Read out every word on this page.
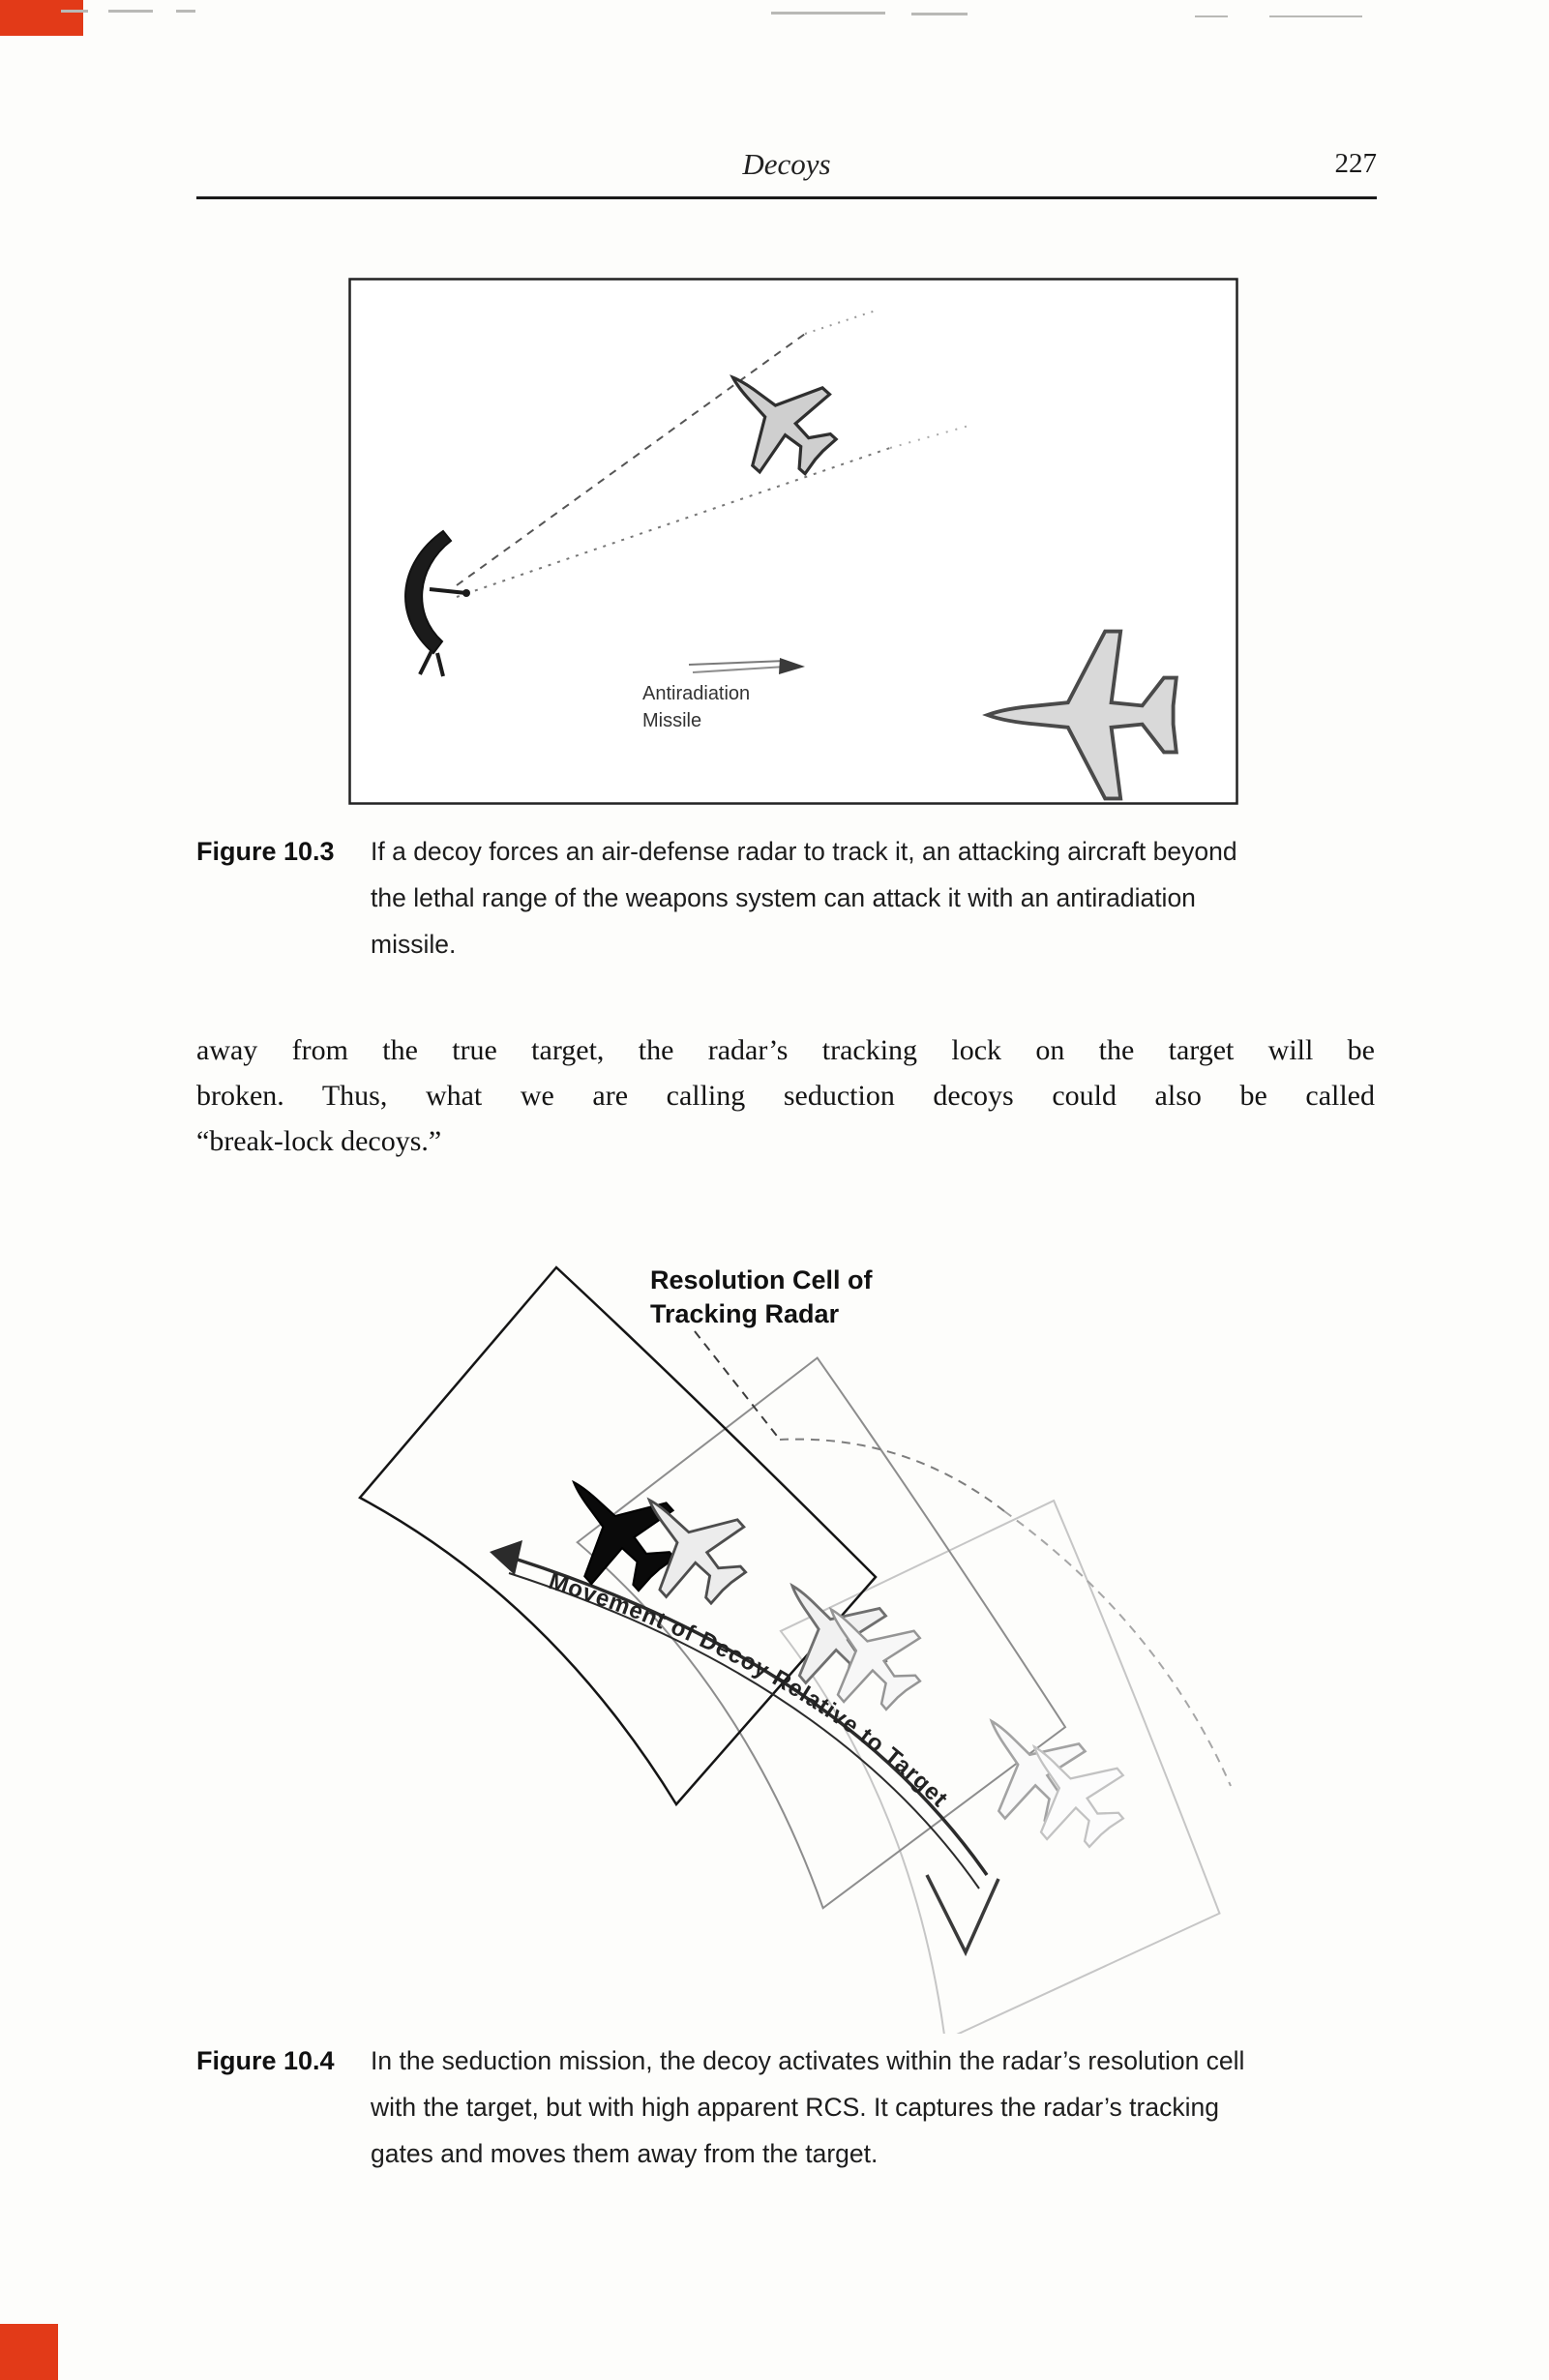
Decoys	227
Antiradiation
Missile
Figure 10.3	If a decoy forces an air-defense radar to track it, an attacking aircraft beyond
the lethal range of the weapons system can attack it with an antiradiation
missile.
away from the true target, the radar’s tracking lock on the target will be
broken. Thus, what we are calling seduction decoys could also be called
“break-lock decoys.”
Resolution Cell of
Tracking Radar
Movement of Decoy Relative to Target
Figure 10.4	In the seduction mission, the decoy activates within the radar’s resolution cell
with the target, but with high apparent RCS. It captures the radar’s tracking
gates and moves them away from the target.
